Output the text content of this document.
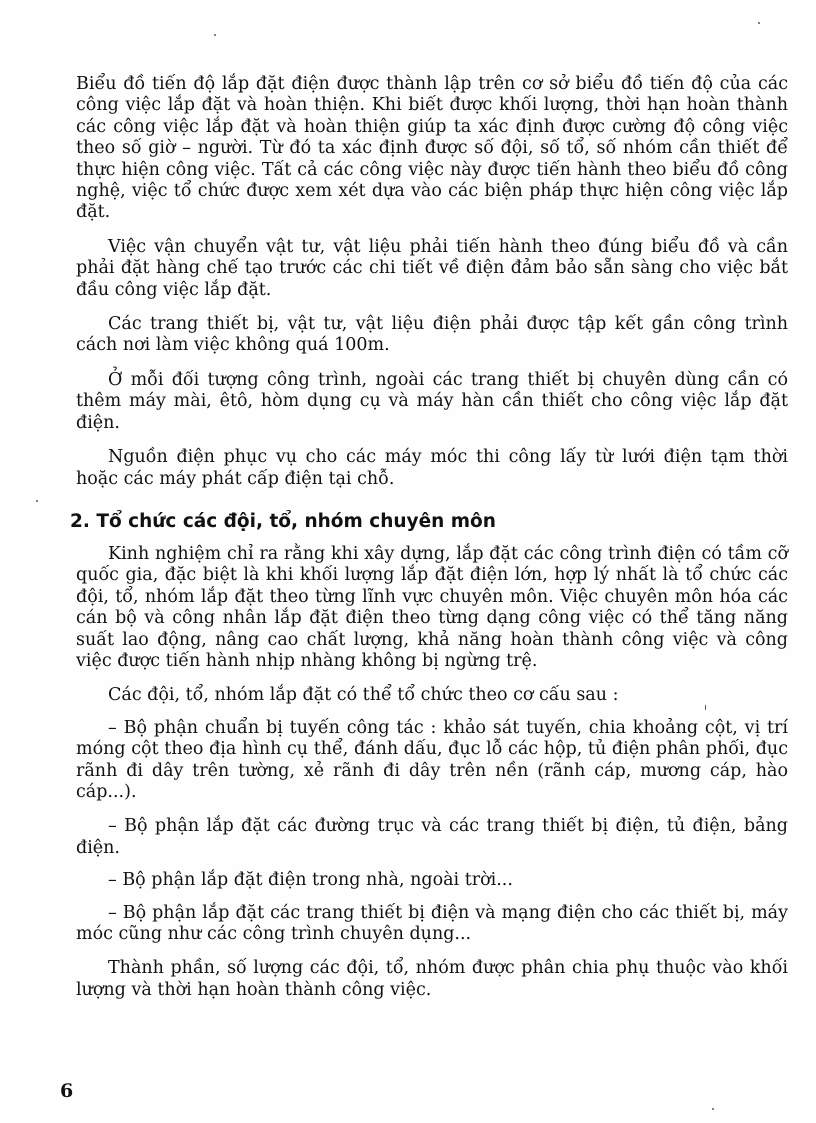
Biểu đồ tiến độ lắp đặt điện được thành lập trên cơ sở biểu đồ tiến độ của các công việc lắp đặt và hoàn thiện. Khi biết được khối lượng, thời hạn hoàn thành các công việc lắp đặt và hoàn thiện giúp ta xác định được cường độ công việc theo số giờ – người. Từ đó ta xác định được số đội, số tổ, số nhóm cần thiết để thực hiện công việc. Tất cả các công việc này được tiến hành theo biểu đồ công nghệ, việc tổ chức được xem xét dựa vào các biện pháp thực hiện công việc lắp đặt.

Việc vận chuyển vật tư, vật liệu phải tiến hành theo đúng biểu đồ và cần phải đặt hàng chế tạo trước các chi tiết về điện đảm bảo sẵn sàng cho việc bắt đầu công việc lắp đặt.

Các trang thiết bị, vật tư, vật liệu điện phải được tập kết gần công trình cách nơi làm việc không quá 100m.

Ở mỗi đối tượng công trình, ngoài các trang thiết bị chuyên dùng cần có thêm máy mài, êtô, hòm dụng cụ và máy hàn cần thiết cho công việc lắp đặt điện.

Nguồn điện phục vụ cho các máy móc thi công lấy từ lưới điện tạm thời hoặc các máy phát cấp điện tại chỗ.

2. Tổ chức các đội, tổ, nhóm chuyên môn

Kinh nghiệm chỉ ra rằng khi xây dựng, lắp đặt các công trình điện có tầm cỡ quốc gia, đặc biệt là khi khối lượng lắp đặt điện lớn, hợp lý nhất là tổ chức các đội, tổ, nhóm lắp đặt theo từng lĩnh vực chuyên môn. Việc chuyên môn hóa các cán bộ và công nhân lắp đặt điện theo từng dạng công việc có thể tăng năng suất lao động, nâng cao chất lượng, khả năng hoàn thành công việc và công việc được tiến hành nhịp nhàng không bị ngừng trệ.

Các đội, tổ, nhóm lắp đặt có thể tổ chức theo cơ cấu sau :

– Bộ phận chuẩn bị tuyến công tác : khảo sát tuyến, chia khoảng cột, vị trí móng cột theo địa hình cụ thể, đánh dấu, đục lỗ các hộp, tủ điện phân phối, đục rãnh đi dây trên tường, xẻ rãnh đi dây trên nền (rãnh cáp, mương cáp, hào cáp...).

– Bộ phận lắp đặt các đường trục và các trang thiết bị điện, tủ điện, bảng điện.

– Bộ phận lắp đặt điện trong nhà, ngoài trời...

– Bộ phận lắp đặt các trang thiết bị điện và mạng điện cho các thiết bị, máy móc cũng như các công trình chuyên dụng...

Thành phần, số lượng các đội, tổ, nhóm được phân chia phụ thuộc vào khối lượng và thời hạn hoàn thành công việc.

6
